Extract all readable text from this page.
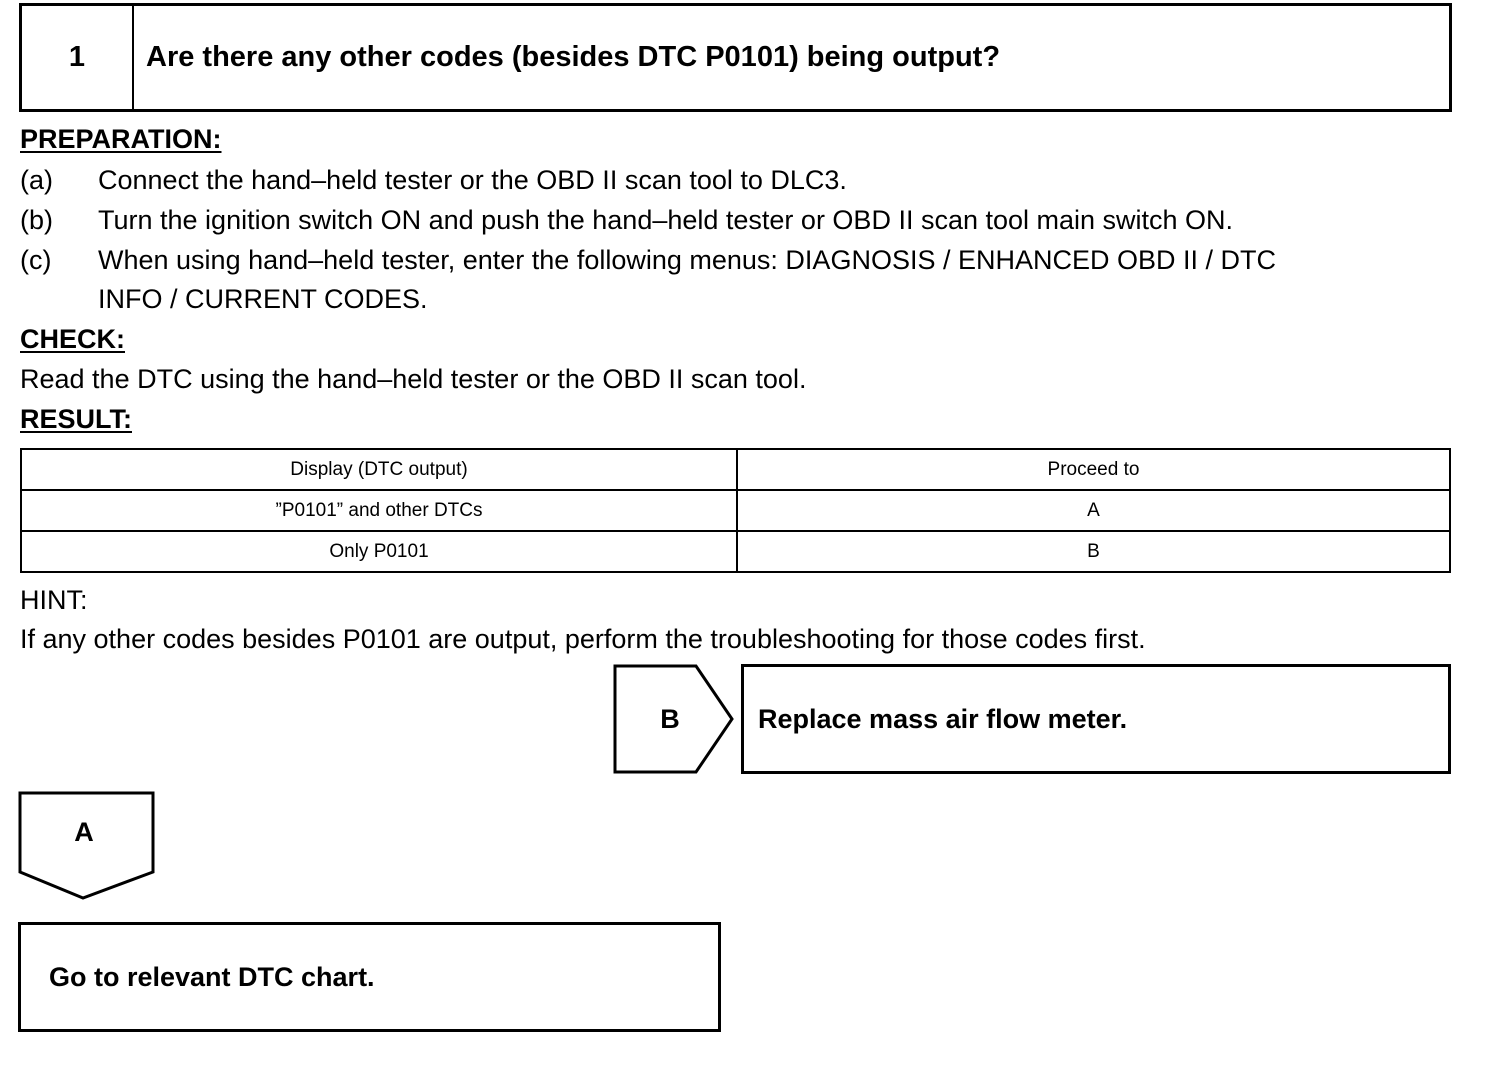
1	Are there any other codes (besides DTC P0101) being output?
PREPARATION:
(a) Connect the hand–held tester or the OBD II scan tool to DLC3.
(b) Turn the ignition switch ON and push the hand–held tester or OBD II scan tool main switch ON.
(c) When using hand–held tester, enter the following menus: DIAGNOSIS / ENHANCED OBD II / DTC
INFO / CURRENT CODES.
CHECK:
Read the DTC using the hand–held tester or the OBD II scan tool.
RESULT:
Display (DTC output)	Proceed to
”P0101” and other DTCs	A
Only P0101	B
HINT:
If any other codes besides P0101 are output, perform the troubleshooting for those codes first.
B	Replace mass air flow meter.
A
Go to relevant DTC chart.
